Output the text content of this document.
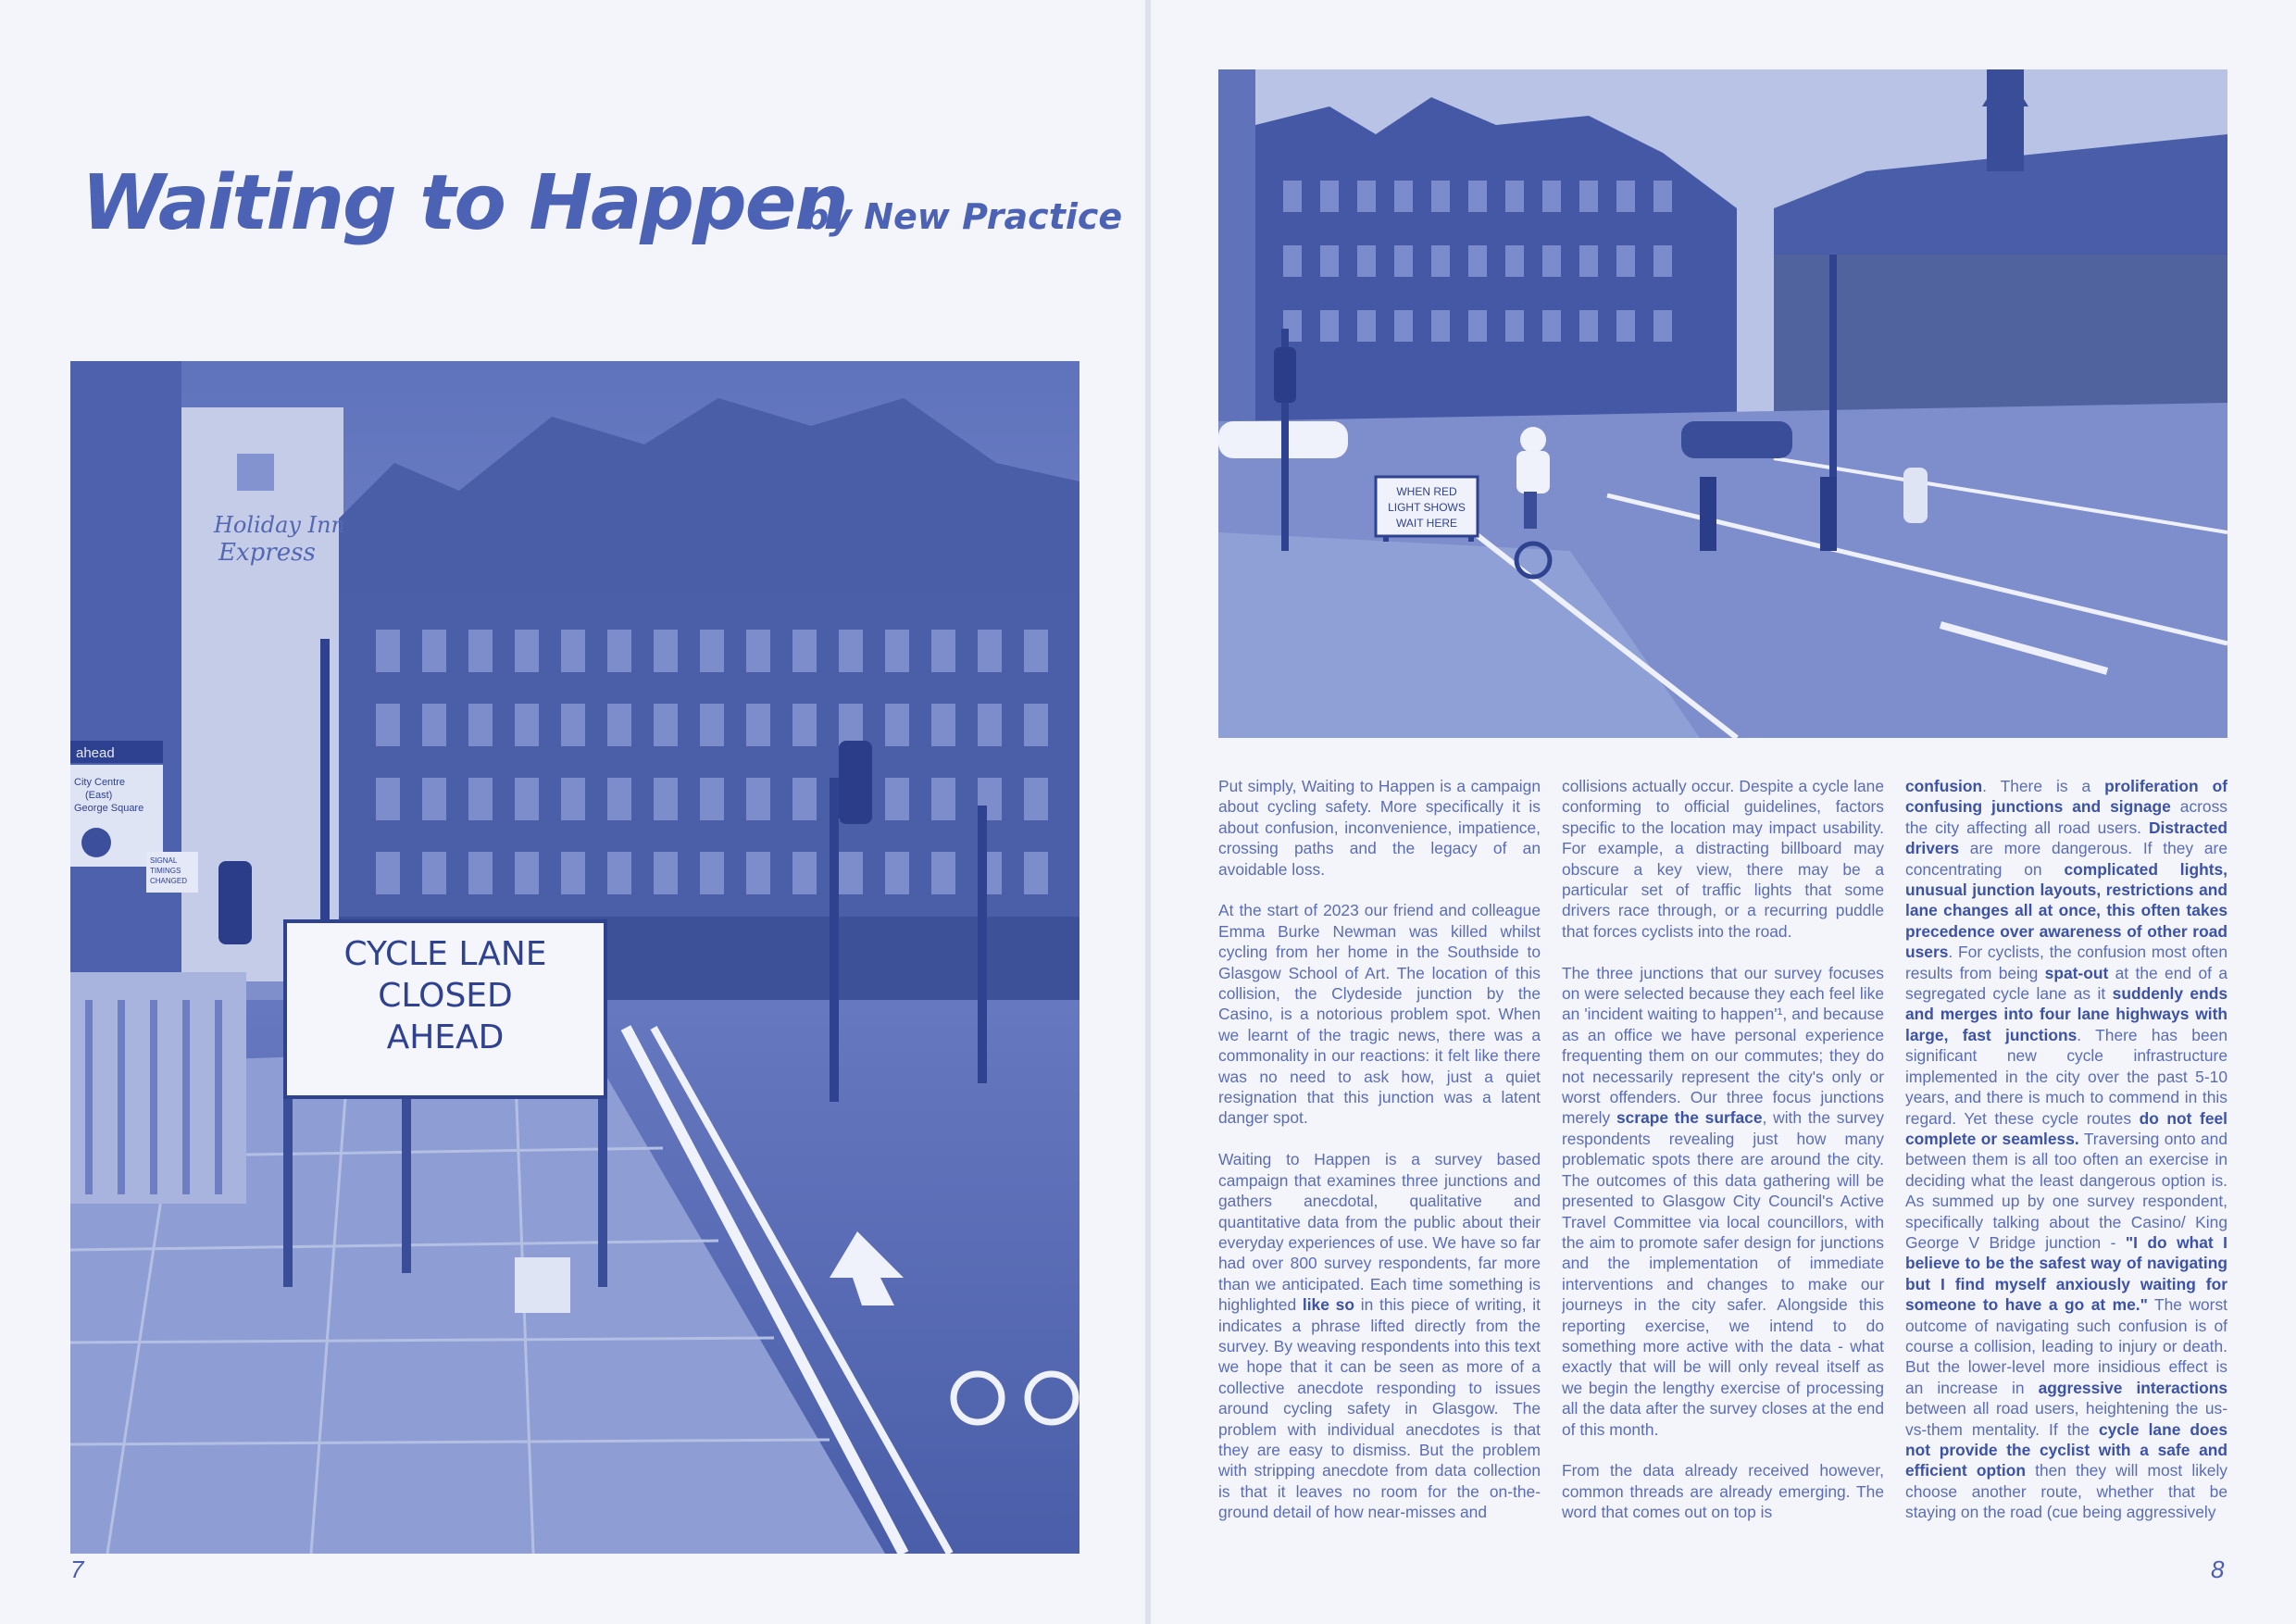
Waiting to Happen
by New Practice
Holiday Inn
Express
ahead
City Centre
(East)
George Square
SIGNAL
TIMINGS
CHANGED
CYCLE LANE
CLOSED
AHEAD
WHEN RED
LIGHT SHOWS
WAIT HERE

Put simply, Waiting to Happen is a campaign about cycling safety. More specifically it is about confusion, inconvenience, impatience, crossing paths and the legacy of an avoidable loss.

At the start of 2023 our friend and colleague Emma Burke Newman was killed whilst cycling from her home in the Southside to Glasgow School of Art. The location of this collision, the Clydeside junction by the Casino, is a notorious problem spot. When we learnt of the tragic news, there was a commonality in our reactions: it felt like there was no need to ask how, just a quiet resignation that this junction was a latent danger spot.

Waiting to Happen is a survey based campaign that examines three junctions and gathers anecdotal, qualitative and quantitative data from the public about their everyday experiences of use. We have so far had over 800 survey respondents, far more than we anticipated. Each time something is highlighted like so in this piece of writing, it indicates a phrase lifted directly from the survey. By weaving respondents into this text we hope that it can be seen as more of a collective anecdote responding to issues around cycling safety in Glasgow. The problem with individual anecdotes is that they are easy to dismiss. But the problem with stripping anecdote from data collection is that it leaves no room for the on-the-ground detail of how near-misses and

collisions actually occur. Despite a cycle lane conforming to official guidelines, factors specific to the location may impact usability. For example, a distracting billboard may obscure a key view, there may be a particular set of traffic lights that some drivers race through, or a recurring puddle that forces cyclists into the road.

The three junctions that our survey focuses on were selected because they each feel like an 'incident waiting to happen'¹, and because as an office we have personal experience frequenting them on our commutes; they do not necessarily represent the city's only or worst offenders. Our three focus junctions merely scrape the surface, with the survey respondents revealing just how many problematic spots there are around the city. The outcomes of this data gathering will be presented to Glasgow City Council's Active Travel Committee via local councillors, with the aim to promote safer design for junctions and the implementation of immediate interventions and changes to make our journeys in the city safer. Alongside this reporting exercise, we intend to do something more active with the data - what exactly that will be will only reveal itself as we begin the lengthy exercise of processing all the data after the survey closes at the end of this month.

From the data already received however, common threads are already emerging. The word that comes out on top is

confusion. There is a proliferation of confusing junctions and signage across the city affecting all road users. Distracted drivers are more dangerous. If they are concentrating on complicated lights, unusual junction layouts, restrictions and lane changes all at once, this often takes precedence over awareness of other road users. For cyclists, the confusion most often results from being spat-out at the end of a segregated cycle lane as it suddenly ends and merges into four lane highways with large, fast junctions. There has been significant new cycle infrastructure implemented in the city over the past 5-10 years, and there is much to commend in this regard. Yet these cycle routes do not feel complete or seamless. Traversing onto and between them is all too often an exercise in deciding what the least dangerous option is. As summed up by one survey respondent, specifically talking about the Casino/ King George V Bridge junction - "I do what I believe to be the safest way of navigating but I find myself anxiously waiting for someone to have a go at me." The worst outcome of navigating such confusion is of course a collision, leading to injury or death. But the lower-level more insidious effect is an increase in aggressive interactions between all road users, heightening the us-vs-them mentality. If the cycle lane does not provide the cyclist with a safe and efficient option then they will most likely choose another route, whether that be staying on the road (cue being aggressively

7	8
